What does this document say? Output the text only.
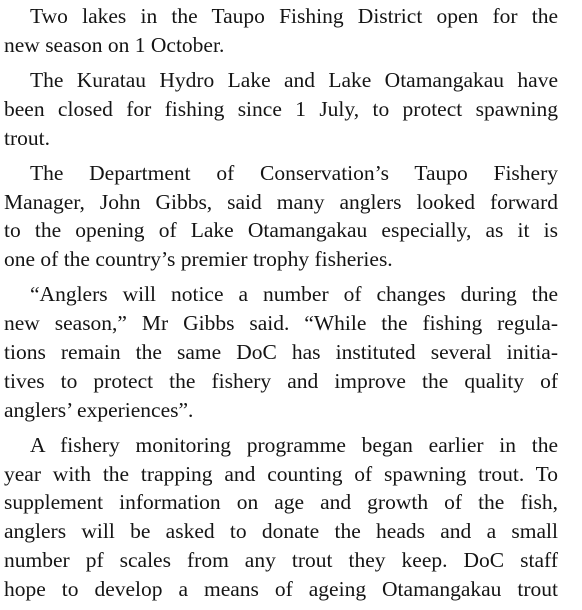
Two lakes in the Taupo Fishing District open for the
new season on 1 October.

The Kuratau Hydro Lake and Lake Otamangakau have
been closed for fishing since 1 July, to protect spawning
trout.

The Department of Conservation’s Taupo Fishery
Manager, John Gibbs, said many anglers looked forward
to the opening of Lake Otamangakau especially, as it is
one of the country’s premier trophy fisheries.

“Anglers will notice a number of changes during the
new season,” Mr Gibbs said. “While the fishing regula-
tions remain the same DoC has instituted several initia-
tives to protect the fishery and improve the quality of
anglers’ experiences”.

A fishery monitoring programme began earlier in the
year with the trapping and counting of spawning trout. To
supplement information on age and growth of the fish,
anglers will be asked to donate the heads and a small
number pf scales from any trout they keep. DoC staff
hope to develop a means of ageing Otamangakau trout
